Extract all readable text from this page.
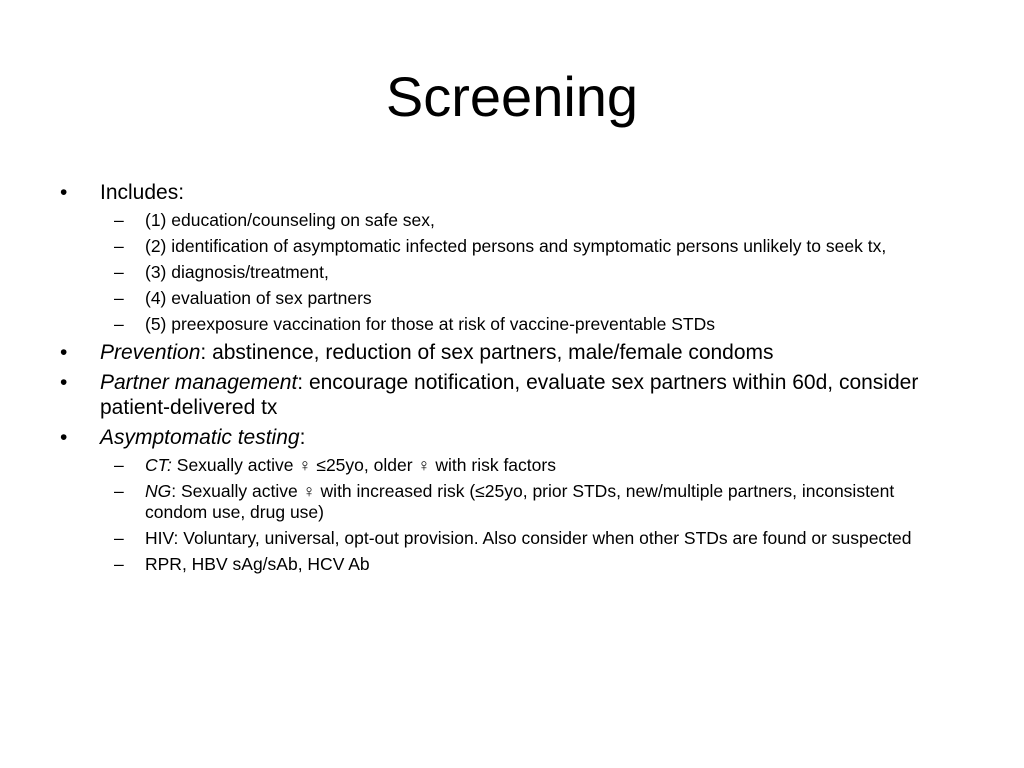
Screening
•	Includes:
–	(1) education/counseling on safe sex,
–	(2) identification of asymptomatic infected persons and symptomatic persons unlikely to seek tx,
–	(3) diagnosis/treatment,
–	(4) evaluation of sex partners
–	(5) preexposure vaccination for those at risk of vaccine-preventable STDs
•	Prevention: abstinence, reduction of sex partners, male/female condoms
•	Partner management: encourage notification, evaluate sex partners within 60d, consider patient-delivered tx
•	Asymptomatic testing:
–	CT: Sexually active ♀ ≤25yo, older ♀ with risk factors
–	NG: Sexually active ♀ with increased risk (≤25yo, prior STDs, new/multiple partners, inconsistent condom use, drug use)
–	HIV: Voluntary, universal, opt-out provision. Also consider when other STDs are found or suspected
–	RPR, HBV sAg/sAb, HCV Ab
